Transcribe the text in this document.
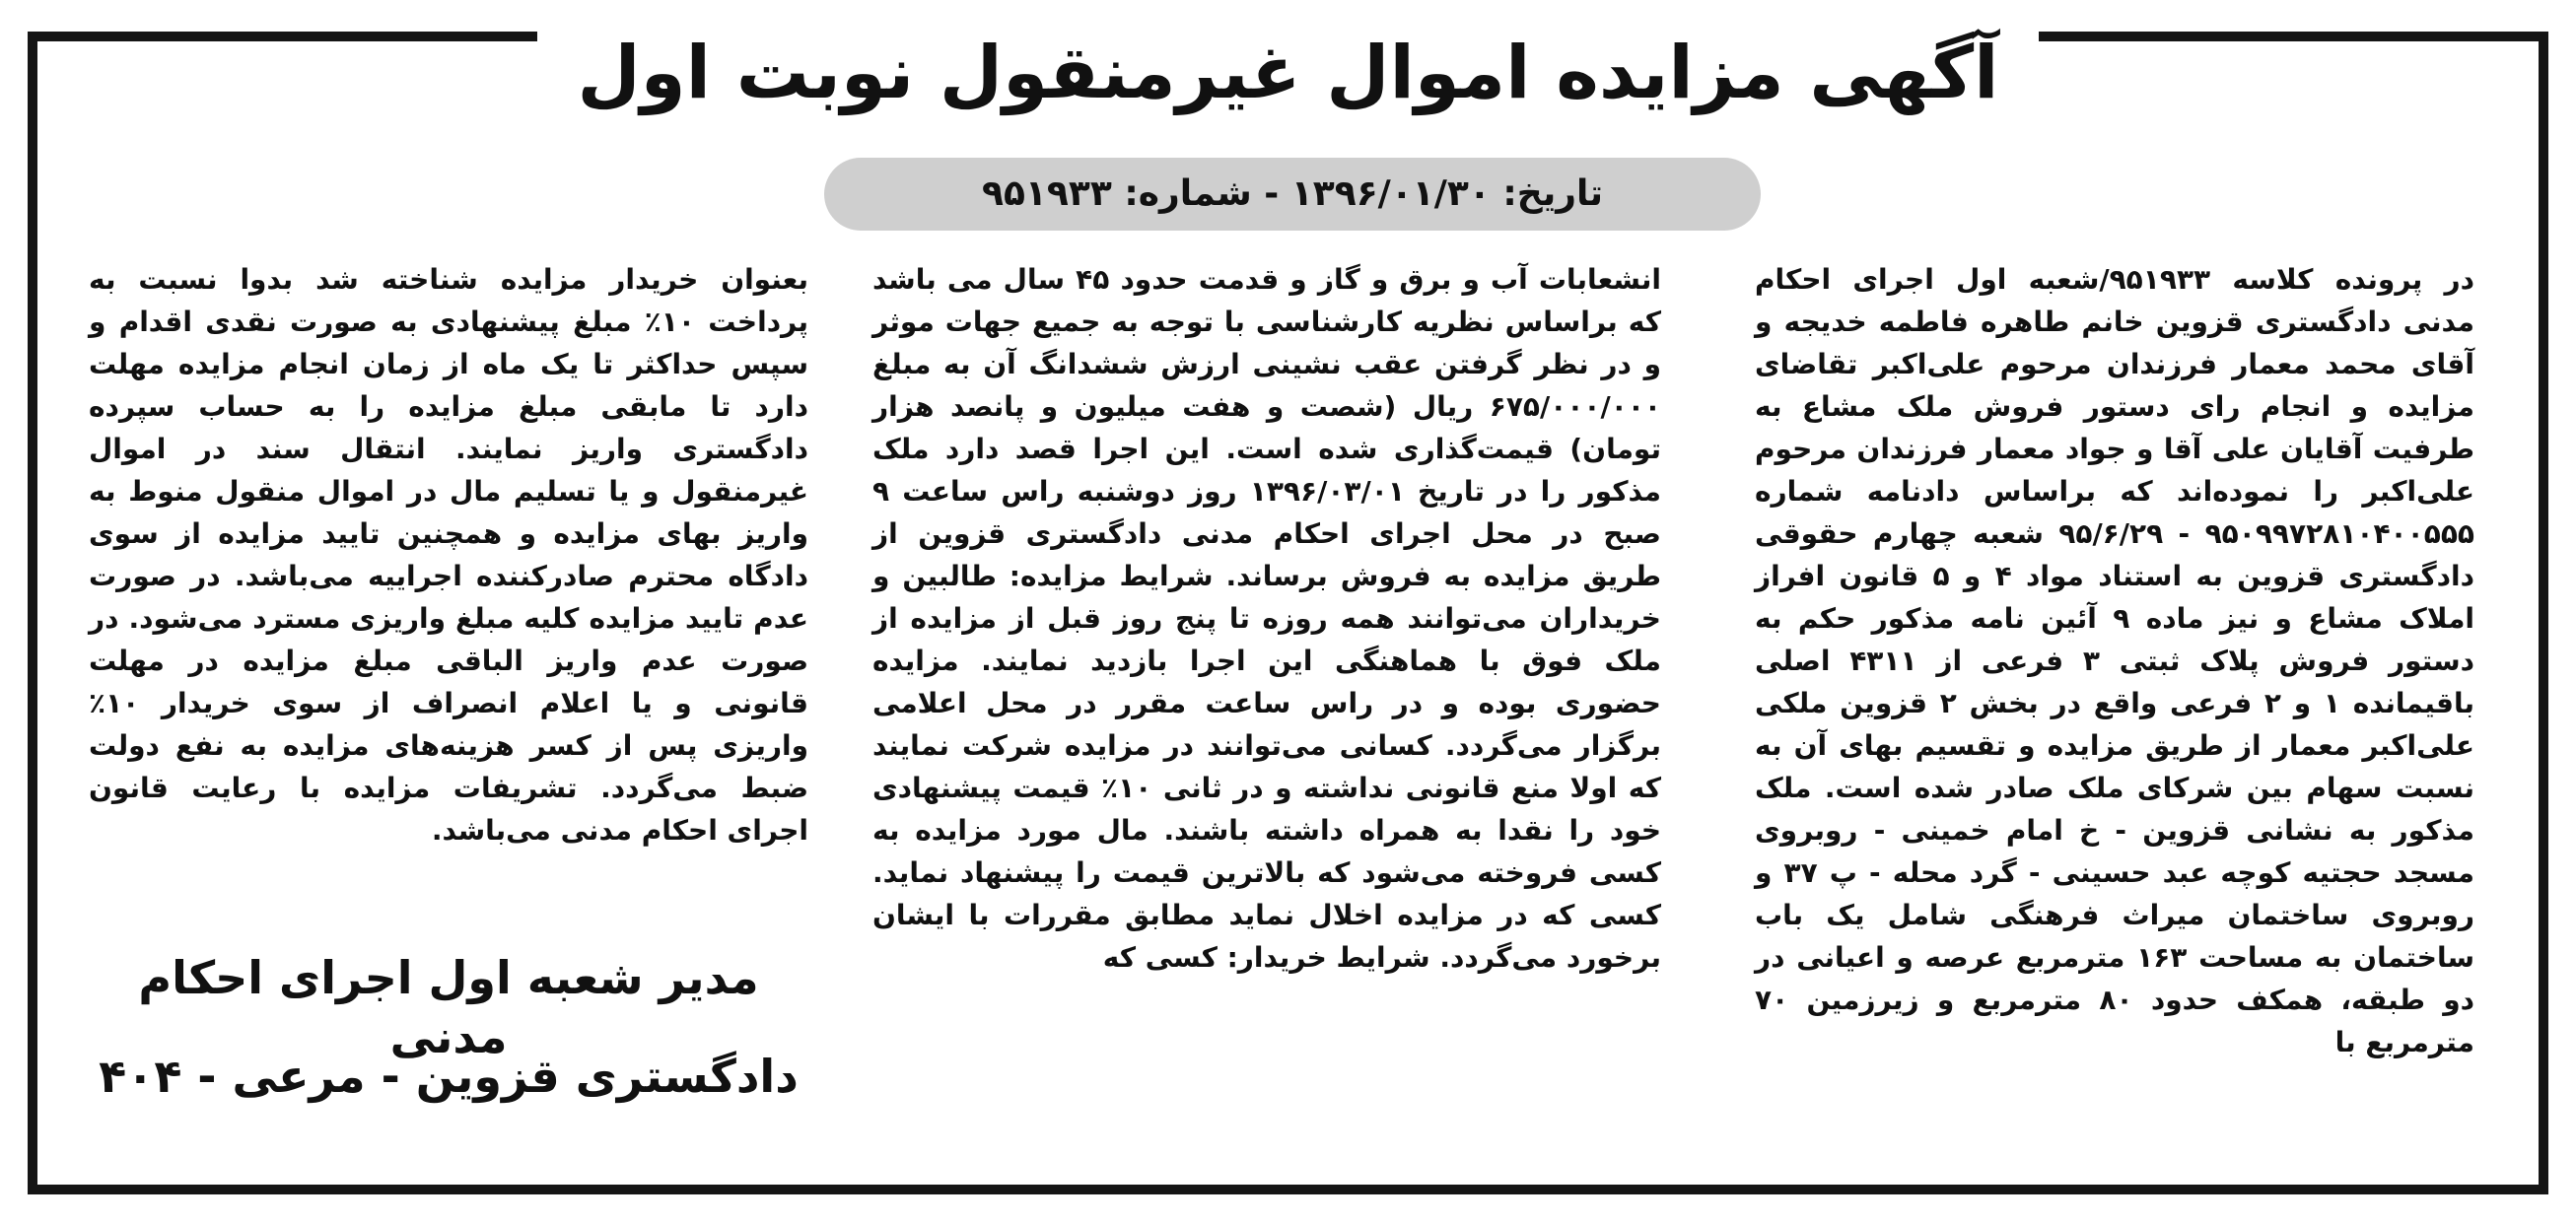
آگهی مزایده اموال غیرمنقول نوبت اول
تاریخ: ۱۳۹۶/۰۱/۳۰ - شماره: ۹۵۱۹۳۳

در پرونده کلاسه ۹۵۱۹۳۳/شعبه اول اجرای احکام مدنی دادگستری قزوین خانم طاهره فاطمه خدیجه و آقای محمد معمار فرزندان مرحوم علی‌اکبر تقاضای مزایده و انجام رای دستور فروش ملک مشاع به طرفیت آقایان علی آقا و جواد معمار فرزندان مرحوم علی‌اکبر را نموده‌اند که براساس دادنامه شماره ۹۵۰۹۹۷۲۸۱۰۴۰۰۵۵۵ - ۹۵/۶/۲۹ شعبه چهارم حقوقی دادگستری قزوین به استناد مواد ۴ و ۵ قانون افراز املاک مشاع و نیز ماده ۹ آئین نامه مذکور حکم به دستور فروش پلاک ثبتی ۳ فرعی از ۴۳۱۱ اصلی باقیمانده ۱ و ۲ فرعی واقع در بخش ۲ قزوین ملکی علی‌اکبر معمار از طریق مزایده و تقسیم بهای آن به نسبت سهام بین شرکای ملک صادر شده است. ملک مذکور به نشانی قزوین - خ امام خمینی - روبروی مسجد حجتیه کوچه عبد حسینی - گرد محله - پ ۳۷ و روبروی ساختمان میراث فرهنگی شامل یک باب ساختمان به مساحت ۱۶۳ مترمربع عرصه و اعیانی در دو طبقه، همکف حدود ۸۰ مترمربع و زیرزمین ۷۰ مترمربع با

انشعابات آب و برق و گاز و قدمت حدود ۴۵ سال می باشد که براساس نظریه کارشناسی با توجه به جمیع جهات موثر و در نظر گرفتن عقب نشینی ارزش ششدانگ آن به مبلغ ۶۷۵/۰۰۰/۰۰۰ ریال (شصت و هفت میلیون و پانصد هزار تومان) قیمت‌گذاری شده است. این اجرا قصد دارد ملک مذکور را در تاریخ ۱۳۹۶/۰۳/۰۱ روز دوشنبه راس ساعت ۹ صبح در محل اجرای احکام مدنی دادگستری قزوین از طریق مزایده به فروش برساند. شرایط مزایده: طالبین و خریداران می‌توانند همه روزه تا پنج روز قبل از مزایده از ملک فوق با هماهنگی این اجرا بازدید نمایند. مزایده حضوری بوده و در راس ساعت مقرر در محل اعلامی برگزار می‌گردد. کسانی می‌توانند در مزایده شرکت نمایند که اولا منع قانونی نداشته و در ثانی ۱۰٪ قیمت پیشنهادی خود را نقدا به همراه داشته باشند. مال مورد مزایده به کسی فروخته می‌شود که بالاترین قیمت را پیشنهاد نماید. کسی که در مزایده اخلال نماید مطابق مقررات با ایشان برخورد می‌گردد. شرایط خریدار: کسی که

بعنوان خریدار مزایده شناخته شد بدوا نسبت به پرداخت ۱۰٪ مبلغ پیشنهادی به صورت نقدی اقدام و سپس حداکثر تا یک ماه از زمان انجام مزایده مهلت دارد تا مابقی مبلغ مزایده را به حساب سپرده دادگستری واریز نمایند. انتقال سند در اموال غیرمنقول و یا تسلیم مال در اموال منقول منوط به واریز بهای مزایده و همچنین تایید مزایده از سوی دادگاه محترم صادرکننده اجراییه می‌باشد. در صورت عدم تایید مزایده کلیه مبلغ واریزی مسترد می‌شود. در صورت عدم واریز الباقی مبلغ مزایده در مهلت قانونی و یا اعلام انصراف از سوی خریدار ۱۰٪ واریزی پس از کسر هزینه‌های مزایده به نفع دولت ضبط می‌گردد. تشریفات مزایده با رعایت قانون اجرای احکام مدنی می‌باشد.

مدیر شعبه اول اجرای احکام مدنی
دادگستری قزوین - مرعی - ۴۰۴
